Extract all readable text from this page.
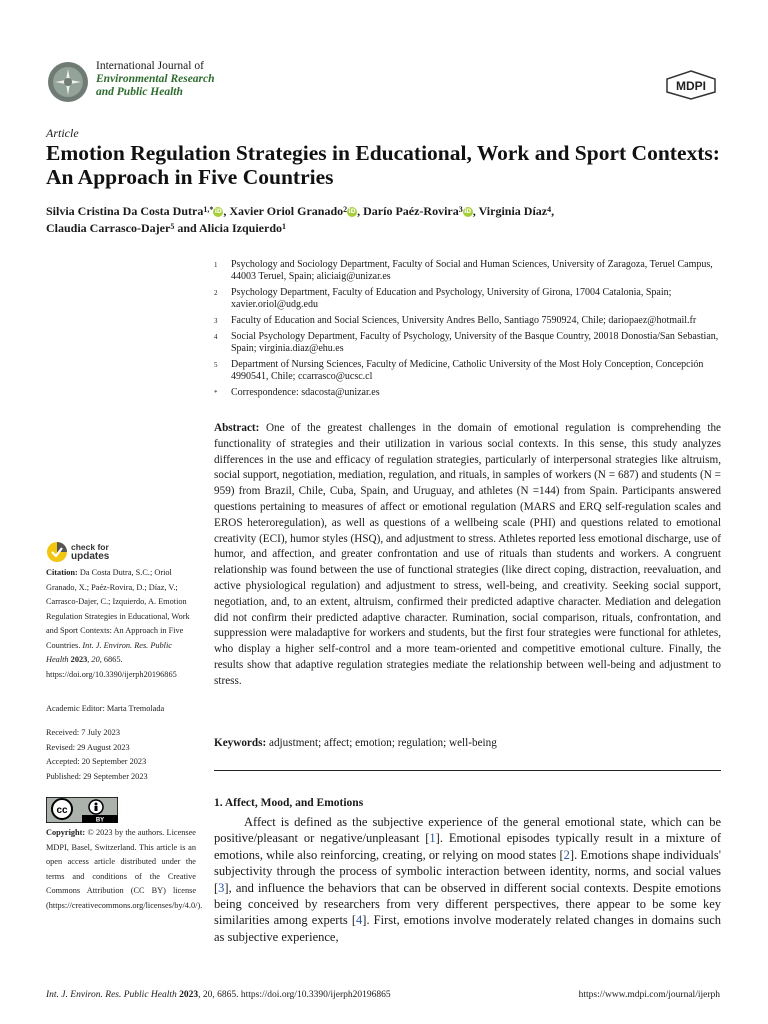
International Journal of
Environmental Research
and Public Health	MDPI
Article
Emotion Regulation Strategies in Educational, Work and Sport Contexts: An Approach in Five Countries
Silvia Cristina Da Costa Dutra$^{1,*}$iD, Xavier Oriol Granado$^2$iD, Darío Paéz-Rovira$^3$iD, Virginia Díaz$^4$,
Claudia Carrasco-Dajer$^5$ and Alicia Izquierdo$^1$
1	Psychology and Sociology Department, Faculty of Social and Human Sciences, University of Zaragoza, Teruel Campus, 44003 Teruel, Spain; aliciaig@unizar.es
2	Psychology Department, Faculty of Education and Psychology, University of Girona, 17004 Catalonia, Spain; xavier.oriol@udg.edu
3	Faculty of Education and Social Sciences, University Andres Bello, Santiago 7590924, Chile; dariopaez@hotmail.fr
4	Social Psychology Department, Faculty of Psychology, University of the Basque Country, 20018 Donostia/San Sebastian, Spain; virginia.diaz@ehu.es
5	Department of Nursing Sciences, Faculty of Medicine, Catholic University of the Most Holy Conception, Concepción 4990541, Chile; ccarrasco@ucsc.cl
*	Correspondence: sdacosta@unizar.es
Abstract: One of the greatest challenges in the domain of emotional regulation is comprehending the functionality of strategies and their utilization in various social contexts. In this sense, this study analyzes differences in the use and efficacy of regulation strategies, particularly of interpersonal strategies like altruism, social support, negotiation, mediation, regulation, and rituals, in samples of workers (N = 687) and students (N = 959) from Brazil, Chile, Cuba, Spain, and Uruguay, and athletes (N =144) from Spain. Participants answered questions pertaining to measures of affect or emotional regulation (MARS and ERQ self-regulation scales and EROS heteroregulation), as well as questions of a wellbeing scale (PHI) and questions related to emotional creativity (ECI), humor styles (HSQ), and adjustment to stress. Athletes reported less emotional discharge, use of humor, and affection, and greater confrontation and use of rituals than students and workers. A congruent relationship was found between the use of functional strategies (like direct coping, distraction, reevaluation, and active physiological regulation) and adjustment to stress, well-being, and creativity. Seeking social support, negotiation, and, to an extent, altruism, confirmed their predicted adaptive character. Mediation and delegation did not confirm their predicted adaptive character. Rumination, social comparison, rituals, confrontation, and suppression were maladaptive for workers and students, but the first four strategies were functional for athletes, who display a higher self-control and a more team-oriented and competitive emotional culture. Finally, the results show that adaptive regulation strategies mediate the relationship between well-being and adjustment to stress.
Keywords: adjustment; affect; emotion; regulation; well-being
check for
updates
Citation: Da Costa Dutra, S.C.; Oriol Granado, X.; Paéz-Rovira, D.; Díaz, V.; Carrasco-Dajer, C.; Izquierdo, A. Emotion Regulation Strategies in Educational, Work and Sport Contexts: An Approach in Five Countries. Int. J. Environ. Res. Public Health 2023, 20, 6865. https://doi.org/10.3390/ijerph20196865
Academic Editor: Marta Tremolada
Received: 7 July 2023
Revised: 29 August 2023
Accepted: 20 September 2023
Published: 29 September 2023
cc
BY
Copyright: © 2023 by the authors. Licensee MDPI, Basel, Switzerland. This article is an open access article distributed under the terms and conditions of the Creative Commons Attribution (CC BY) license (https://creativecommons.org/licenses/by/4.0/).
1. Affect, Mood, and Emotions
Affect is defined as the subjective experience of the general emotional state, which can be positive/pleasant or negative/unpleasant [1]. Emotional episodes typically result in a mixture of emotions, while also reinforcing, creating, or relying on mood states [2]. Emotions shape individuals' subjectivity through the process of symbolic interaction between identity, norms, and social values [3], and influence the behaviors that can be observed in different social contexts. Despite emotions being conceived by researchers from very different perspectives, there appear to be some key similarities among experts [4]. First, emotions involve moderately related changes in domains such as subjective experience,
Int. J. Environ. Res. Public Health 2023, 20, 6865. https://doi.org/10.3390/ijerph20196865	https://www.mdpi.com/journal/ijerph
